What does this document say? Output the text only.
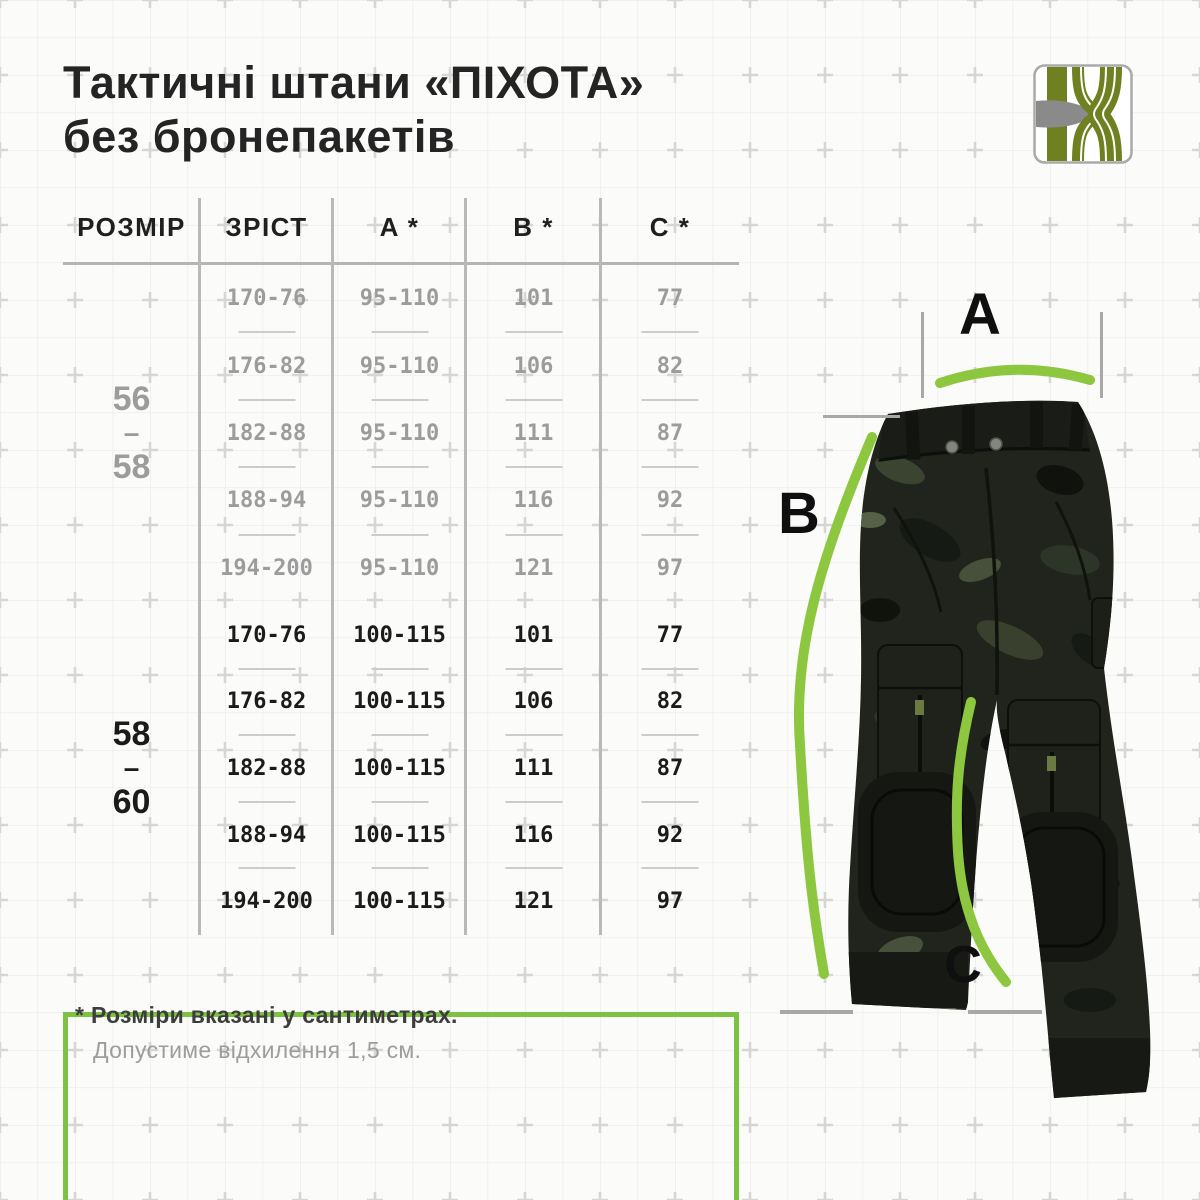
Тактичні штани «ПІХОТА»
без бронепакетів
РОЗМІР	ЗРІСТ	A *	B *	C *
56
–
58
170-76	95-110	101	77
176-82	95-110	106	82
182-88	95-110	111	87
188-94	95-110	116	92
194-200	95-110	121	97
58
–
60
170-76	100-115	101	77
176-82	100-115	106	82
182-88	100-115	111	87
188-94	100-115	116	92
194-200	100-115	121	97
A
B
C
* Розміри вказані у сантиметрах.
Допустиме відхилення 1,5 см.
